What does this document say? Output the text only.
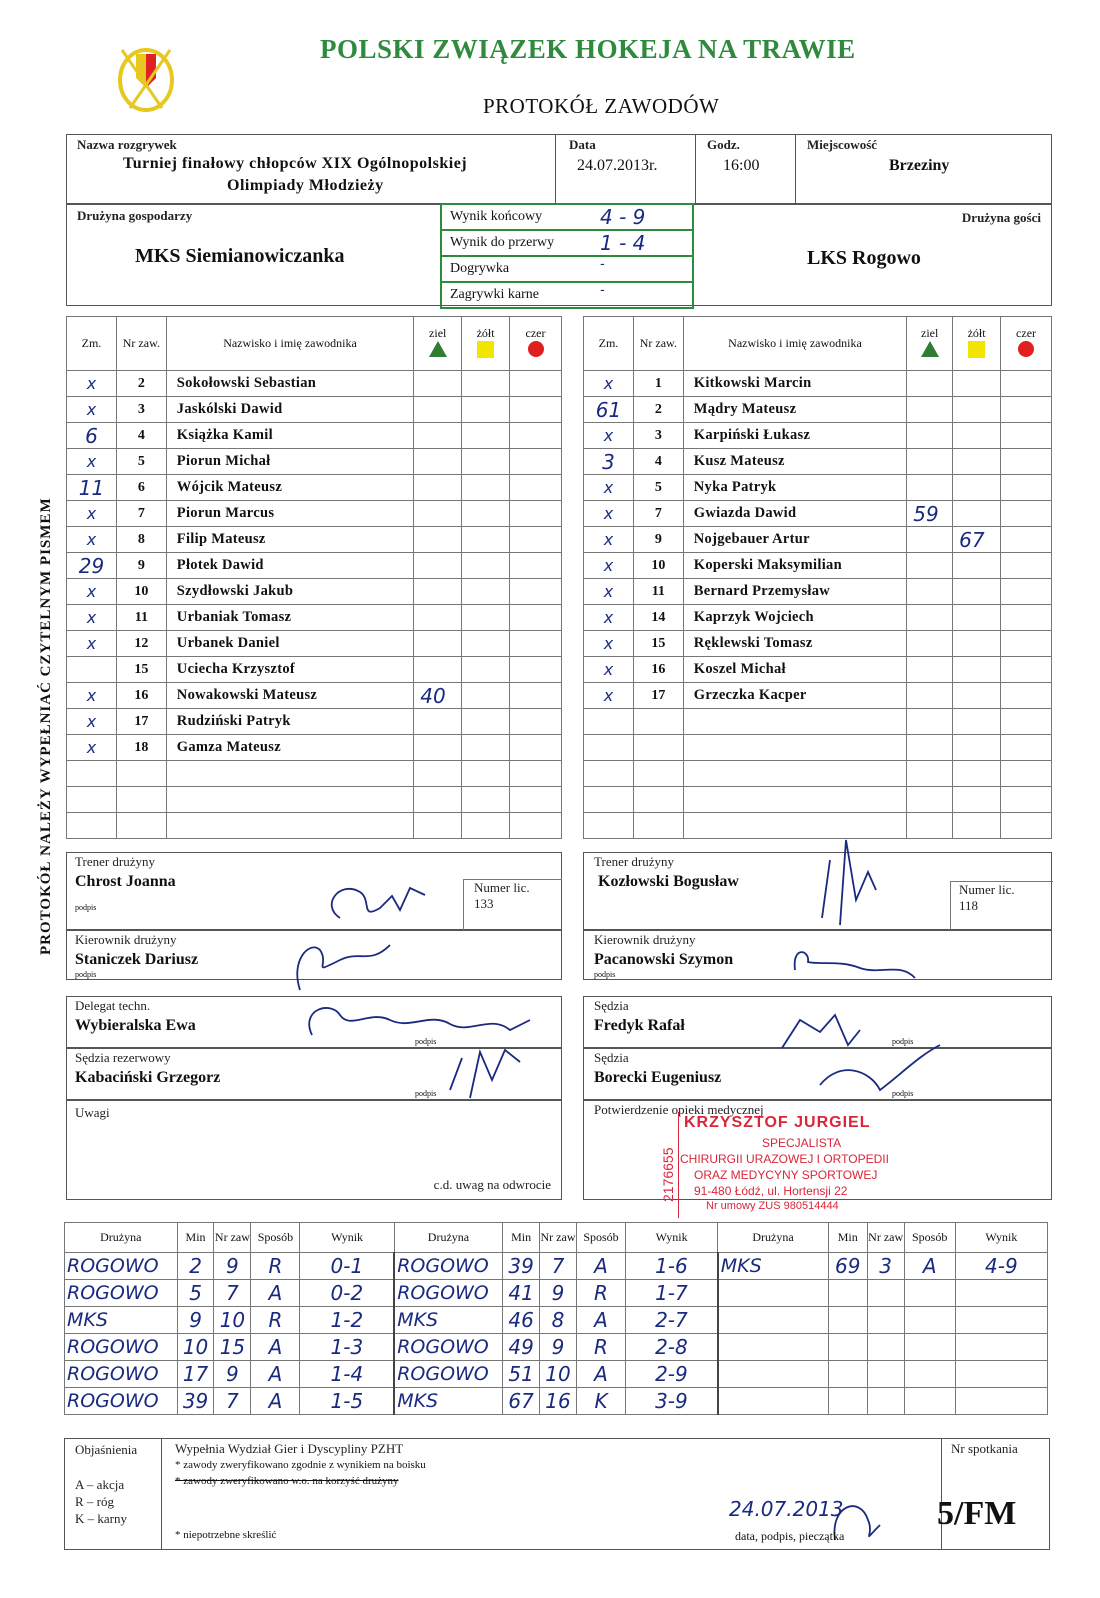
POLSKI ZWIĄZEK HOKEJA NA TRAWIE
PROTOKÓŁ ZAWODÓW
PROTOKÓŁ NALEŻY WYPEŁNIAĆ CZYTELNYM PISMEM
Nazwa rozgrywek
Turniej finałowy chłopców XIX Ogólnopolskiej
Olimpiady Młodzieży
Data
24.07.2013r.
Godz.
16:00
Miejscowość
Brzeziny
Drużyna gospodarzy
MKS Siemianowiczanka
Drużyna gości
LKS Rogowo
Wynik końcowy	4 - 9

Wynik do przerwy 1 - 4

Dogrywka	-

Zagrywki karne	-
Zm.	Nr zaw.	Nazwisko i imię zawodnika	ziel	żółt	czer

x	2	Sokołowski Sebastian			
x	3	Jaskólski Dawid			
6	4	Książka Kamil			
x	5	Piorun Michał			
11	6	Wójcik Mateusz			
x	7	Piorun Marcus			
x	8	Filip Mateusz			
29	9	Płotek Dawid			
x	10	Szydłowski Jakub			
x	11	Urbaniak Tomasz			
x	12	Urbanek Daniel			
	15	Uciecha Krzysztof			
x	16	Nowakowski Mateusz	40		
x	17	Rudziński Patryk			
x	18	Gamza Mateusz			

Zm.	Nr zaw.	Nazwisko i imię zawodnika	ziel	żółt	czer

x	1	Kitkowski Marcin			
61	2	Mądry Mateusz			
x	3	Karpiński Łukasz			
3	4	Kusz Mateusz			
x	5	Nyka Patryk			
x	7	Gwiazda Dawid	59		
x	9	Nojgebauer Artur		67	
x	10	Koperski Maksymilian			
x	11	Bernard Przemysław			
x	14	Kaprzyk Wojciech			
x	15	Ręklewski Tomasz			
x	16	Koszel Michał			
x	17	Grzeczka Kacper			

Trener drużyny
Chrost Joanna
podpis
Numer lic.
133
Kierownik drużyny
Staniczek Dariusz
podpis
Trener drużyny
Kozłowski Bogusław	Numer lic.
118
Kierownik drużyny
Pacanowski Szymon
podpis
Delegat techn.
Wybieralska Ewa
podpis
Sędzia rezerwowy
Kabaciński Grzegorz
podpis
Uwagi
c.d. uwag na odwrocie
Sędzia
Fredyk Rafał
podpis
Sędzia
Borecki Eugeniusz
podpis
Potwierdzenie opieki medycznej
2176655
KRZYSZTOF JURGIEL
SPECJALISTA
CHIRURGII URAZOWEJ I ORTOPEDII
ORAZ MEDYCYNY SPORTOWEJ
91-480 Łódź, ul. Hortensji 22
Nr umowy ZUS 980514444
Drużyna	Min	Nr zaw	Sposób	Wynik	Drużyna	Min	Nr zaw	Sposób	Wynik	Drużyna	Min	Nr zaw	Sposób	Wynik
ROGOWO	2	9	R	0-1	ROGOWO	39	7	A	1-6	MKS	69	3	A	4-9
ROGOWO	5	7	A	0-2	ROGOWO	41	9	R	1-7					
MKS	9	10	R	1-2	MKS	46	8	A	2-7					
ROGOWO	10	15	A	1-3	ROGOWO	49	9	R	2-8					
ROGOWO	17	9	A	1-4	ROGOWO	51	10	A	2-9					
ROGOWO	39	7	A	1-5	MKS	67	16	K	3-9					
Objaśnienia
A – akcja
R – róg
K – karny
Wypełnia Wydział Gier i Dyscypliny PZHT
* zawody zweryfikowano zgodnie z wynikiem na boisku
* zawody zweryfikowano w.o. na korzyść drużyny
* niepotrzebne skreślić
24.07.2013
data, podpis, pieczątka
Nr spotkania
5/FM
